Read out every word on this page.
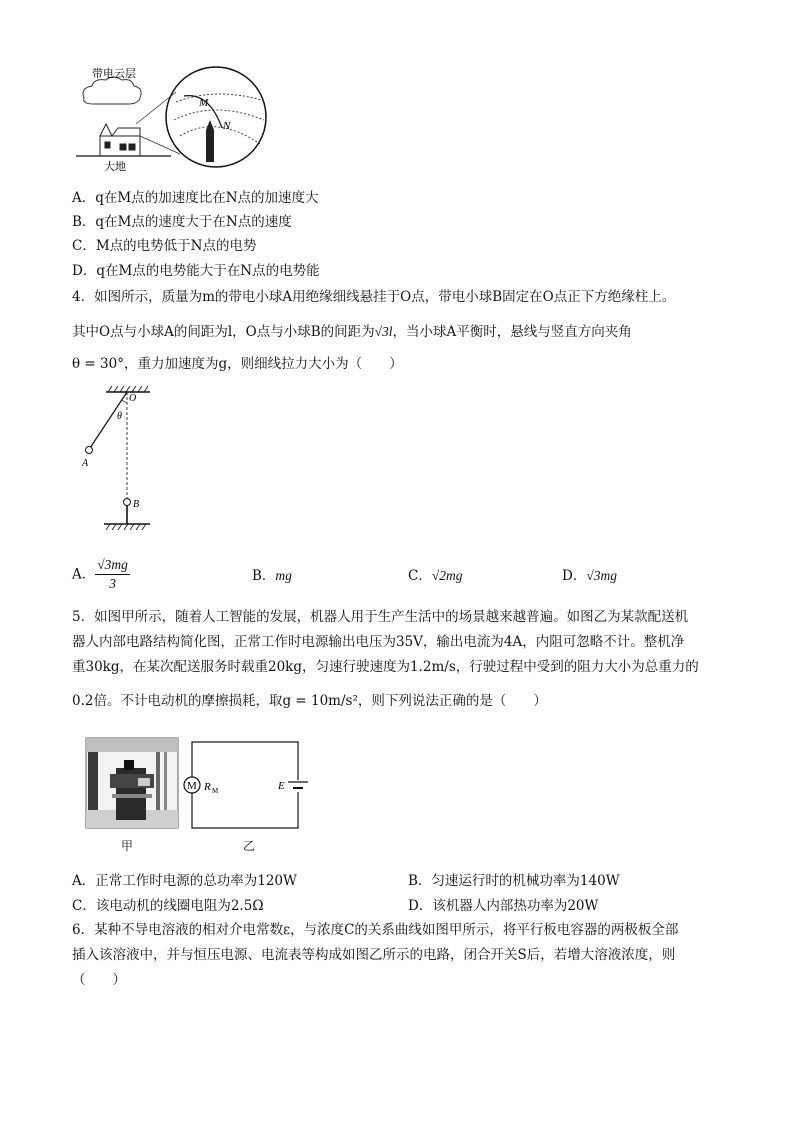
带电云层
大地
M
N
A．q在M点的加速度比在N点的加速度大
B．q在M点的速度大于在N点的速度
C．M点的电势低于N点的电势
D．q在M点的电势能大于在N点的电势能
4．如图所示，质量为m的带电小球A用绝缘细线悬挂于O点，带电小球B固定在O点正下方绝缘柱上。
其中O点与小球A的间距为l，O点与小球B的间距为√3l，当小球A平衡时，悬线与竖直方向夹角
θ = 30°，重力加速度为g，则细线拉力大小为（　　）
O
θ
A
B
A． $\frac{√3mg}{3}$	B．mg	C．√2mg	D．√3mg
5．如图甲所示，随着人工智能的发展，机器人用于生产生活中的场景越来越普遍。如图乙为某款配送机
器人内部电路结构简化图，正常工作时电源输出电压为35V，输出电流为4A，内阻可忽略不计。整机净
重30kg，在某次配送服务时载重20kg，匀速行驶速度为1.2m/s，行驶过程中受到的阻力大小为总重力的
0.2倍。不计电动机的摩擦损耗，取g = 10m/s²，则下列说法正确的是（　　）
甲
M R M	E
乙
A．正常工作时电源的总功率为120W	B．匀速运行时的机械功率为140W
C．该电动机的线圈电阻为2.5Ω	D．该机器人内部热功率为20W
6．某种不导电溶液的相对介电常数ε，与浓度C的关系曲线如图甲所示，将平行板电容器的两极板全部
插入该溶液中，并与恒压电源、电流表等构成如图乙所示的电路，闭合开关S后，若增大溶液浓度，则
（　　）
